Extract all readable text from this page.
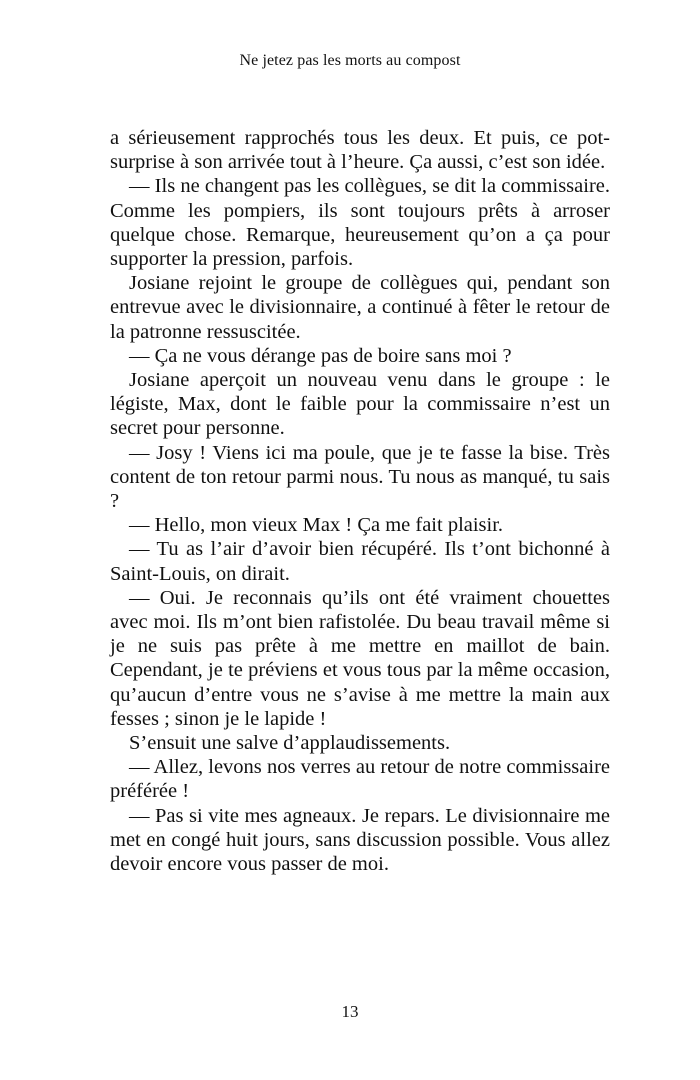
Ne jetez pas les morts au compost

a sérieusement rapprochés tous les deux. Et puis, ce pot-surprise à son arrivée tout à l’heure. Ça aussi, c’est son idée.

— Ils ne changent pas les collègues, se dit la commissaire. Comme les pompiers, ils sont toujours prêts à arroser quelque chose. Remarque, heureusement qu’on a ça pour supporter la pression, parfois.

Josiane rejoint le groupe de collègues qui, pendant son entrevue avec le divisionnaire, a continué à fêter le retour de la patronne ressuscitée.

— Ça ne vous dérange pas de boire sans moi ?

Josiane aperçoit un nouveau venu dans le groupe : le légiste, Max, dont le faible pour la commissaire n’est un secret pour personne.

— Josy ! Viens ici ma poule, que je te fasse la bise. Très content de ton retour parmi nous. Tu nous as manqué, tu sais ?

— Hello, mon vieux Max ! Ça me fait plaisir.

— Tu as l’air d’avoir bien récupéré. Ils t’ont bichonné à Saint-Louis, on dirait.

— Oui. Je reconnais qu’ils ont été vraiment chouettes avec moi. Ils m’ont bien rafistolée. Du beau travail même si je ne suis pas prête à me mettre en maillot de bain. Cependant, je te préviens et vous tous par la même occasion, qu’aucun d’entre vous ne s’avise à me mettre la main aux fesses ; sinon je le lapide !

S’ensuit une salve d’applaudissements.

— Allez, levons nos verres au retour de notre commissaire préférée !

— Pas si vite mes agneaux. Je repars. Le divisionnaire me met en congé huit jours, sans discussion possible. Vous allez devoir encore vous passer de moi.

13
